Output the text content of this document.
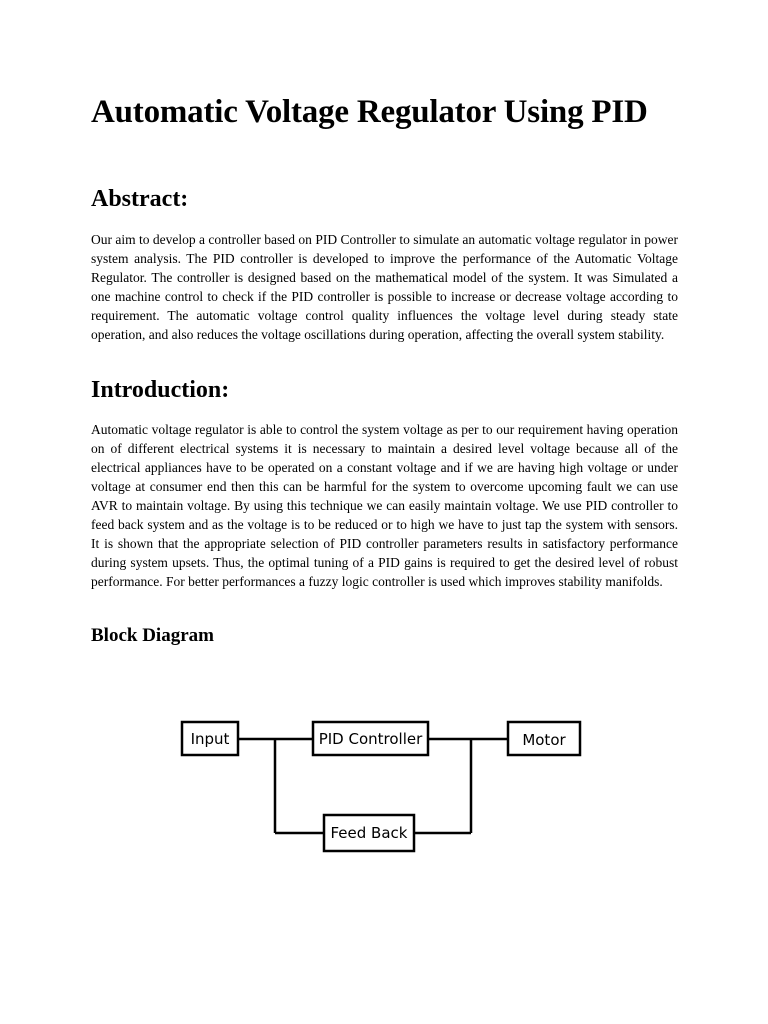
Automatic Voltage Regulator Using PID
Abstract:

Our aim to develop a controller based on PID Controller to simulate an automatic voltage regulator in power system analysis. The PID controller is developed to improve the performance of the Automatic Voltage Regulator. The controller is designed based on the mathematical model of the system. It was Simulated a one machine control to check if the PID controller is possible to increase or decrease voltage according to requirement. The automatic voltage control quality influences the voltage level during steady state operation, and also reduces the voltage oscillations during operation, affecting the overall system stability.

Introduction:

Automatic voltage regulator is able to control the system voltage as per to our requirement having operation on of different electrical systems it is necessary to maintain a desired level voltage because all of the electrical appliances have to be operated on a constant voltage and if we are having high voltage or under voltage at consumer end then this can be harmful for the system to overcome upcoming fault we can use AVR to maintain voltage. By using this technique we can easily maintain voltage. We use PID controller to feed back system and as the voltage is to be reduced or to high we have to just tap the system with sensors. It is shown that the appropriate selection of PID controller parameters results in satisfactory performance during system upsets. Thus, the optimal tuning of a PID gains is required to get the desired level of robust performance. For better performances a fuzzy logic controller is used which improves stability manifolds.

Block Diagram
Input	PID Controller	Motor
Feed Back
